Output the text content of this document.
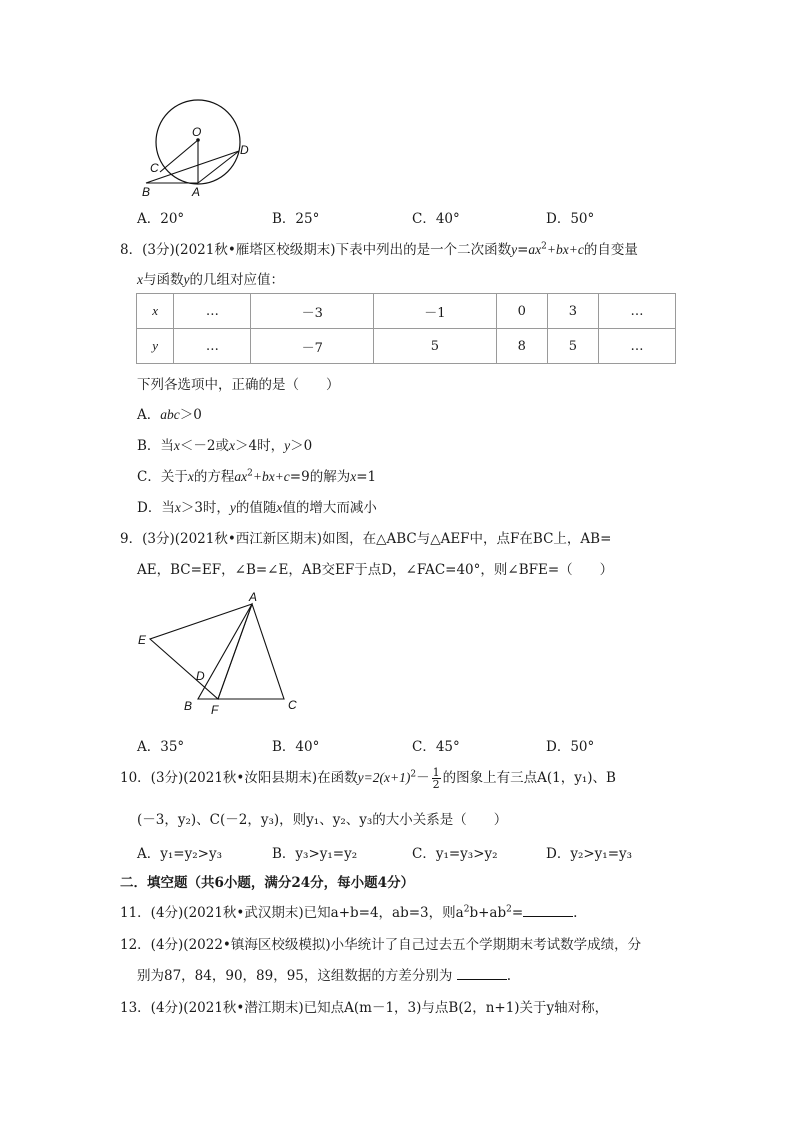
O
C
D
B	A
A．20°	B．25°	C．40°	D．50°
8．(3分)(2021秋•雁塔区校级期末)下表中列出的是一个二次函数$y=ax^2+bx+c$的自变量
x与函数y的几组对应值：
x	…	－3	－1	0	3	…
y	…	－7	5	8	5	…
下列各选项中，正确的是（　　）
A．abc＞0
B．当x＜－2或x＞4时，y＞0
C．关于x的方程$ax^2+bx+c=9$的解为x=1
D．当x＞3时，y的值随x值的增大而减小
9．(3分)(2021秋•西江新区期末)如图，在△ABC与△AEF中，点F在BC上，AB=
AE，BC=EF，∠B=∠E，AB交EF于点D，∠FAC=40°，则∠BFE=（　　）
A
E
D
B F	C
A．35°	B．40°	C．45°	D．50°
10．(3分)(2021秋•汝阳县期末)在函数$y=2(x+1)^2- \frac{1}{2}$ 的图象上有三点A(1，y₁)、B
(－3，y₂)、C(－2，y₃)，则y₁、y₂、y₃的大小关系是（　　）
A．y₁=y₂>y₃	B．y₃>y₁=y₂	C．y₁=y₃>y₂	D．y₂>y₁=y₃
二．填空题（共6小题，满分24分，每小题4分）
11．(4分)(2021秋•武汉期末)已知a+b=4，ab=3，则$a^2b+ab^2=$	.
12．(4分)(2022•镇海区校级模拟)小华统计了自己过去五个学期期末考试数学成绩，分
别为87，84，90，89，95，这组数据的方差分别为	.
13．(4分)(2021秋•潜江期末)已知点A(m－1，3)与点B(2，n+1)关于y轴对称，
